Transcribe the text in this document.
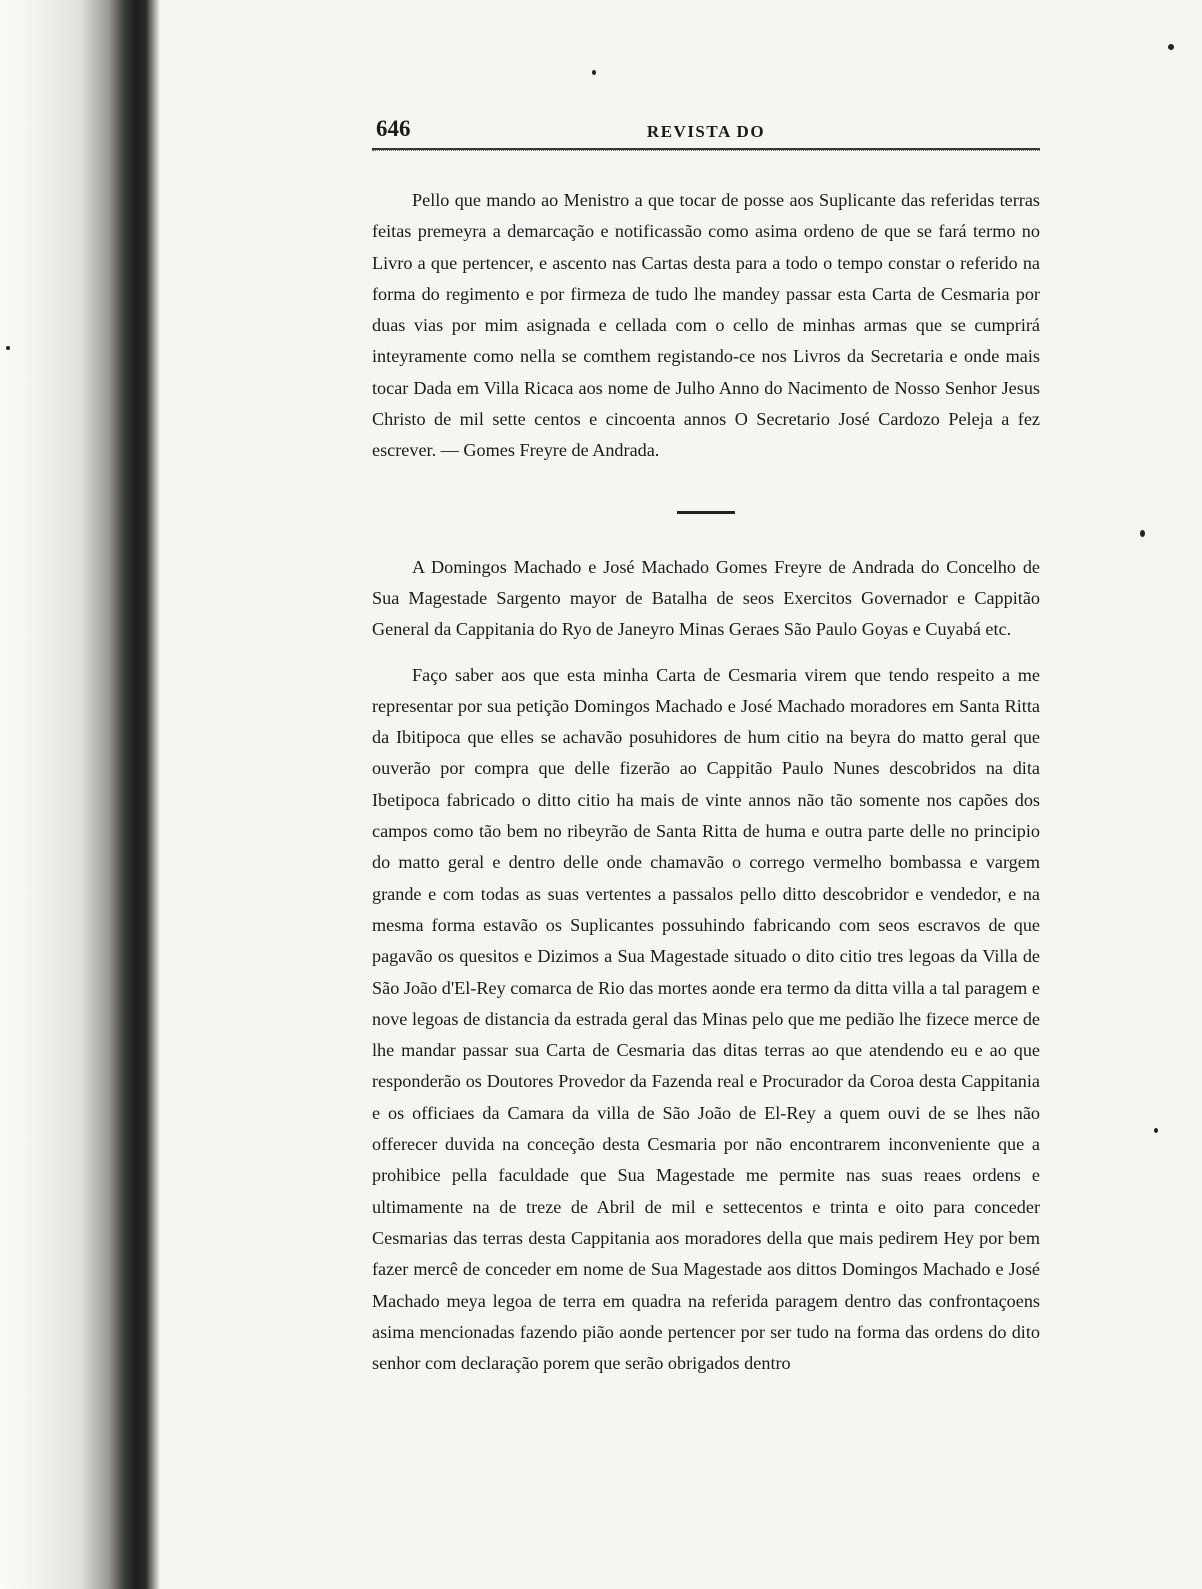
646	REVISTA DO

Pello que mando ao Menistro a que tocar de posse aos Suplicante das referidas terras feitas premeyra a demarcação e notificassão como asima ordeno de que se fará termo no Livro a que pertencer, e ascento nas Cartas desta para a todo o tempo constar o referido na forma do regimento e por firmeza de tudo lhe mandey passar esta Carta de Cesmaria por duas vias por mim asignada e cellada com o cello de minhas armas que se cumprirá inteyramente como nella se comthem registando-ce nos Livros da Secretaria e onde mais tocar Dada em Villa Ricaca aos nome de Julho Anno do Nacimento de Nosso Senhor Jesus Christo de mil sette centos e cincoenta annos O Secretario José Cardozo Peleja a fez escrever. — Gomes Freyre de Andrada.

A Domingos Machado e José Machado Gomes Freyre de Andrada do Concelho de Sua Magestade Sargento mayor de Batalha de seos Exercitos Governador e Cappitão General da Cappitania do Ryo de Janeyro Minas Geraes São Paulo Goyas e Cuyabá etc.

Faço saber aos que esta minha Carta de Cesmaria virem que tendo respeito a me representar por sua petição Domingos Machado e José Machado moradores em Santa Ritta da Ibitipoca que elles se achavão posuhidores de hum citio na beyra do matto geral que ouverão por compra que delle fizerão ao Cappitão Paulo Nunes descobridos na dita Ibetipoca fabricado o ditto citio ha mais de vinte annos não tão somente nos capões dos campos como tão bem no ribeyrão de Santa Ritta de huma e outra parte delle no principio do matto geral e dentro delle onde chamavão o corrego vermelho bombassa e vargem grande e com todas as suas vertentes a passalos pello ditto descobridor e vendedor, e na mesma forma estavão os Suplicantes possuhindo fabricando com seos escravos de que pagavão os quesitos e Dizimos a Sua Magestade situado o dito citio tres legoas da Villa de São João d'El-Rey comarca de Rio das mortes aonde era termo da ditta villa a tal paragem e nove legoas de distancia da estrada geral das Minas pelo que me pedião lhe fizece merce de lhe mandar passar sua Carta de Cesmaria das ditas terras ao que atendendo eu e ao que responderão os Doutores Provedor da Fazenda real e Procurador da Coroa desta Cappitania e os officiaes da Camara da villa de São João de El-Rey a quem ouvi de se lhes não offerecer duvida na conceção desta Cesmaria por não encontrarem inconveniente que a prohibice pella faculdade que Sua Magestade me permite nas suas reaes ordens e ultimamente na de treze de Abril de mil e settecentos e trinta e oito para conceder Cesmarias das terras desta Cappitania aos moradores della que mais pedirem Hey por bem fazer mercê de conceder em nome de Sua Magestade aos dittos Domingos Machado e José Machado meya legoa de terra em quadra na referida paragem dentro das confrontaçoens asima mencionadas fazendo pião aonde pertencer por ser tudo na forma das ordens do dito senhor com declaração porem que serão obrigados dentro
